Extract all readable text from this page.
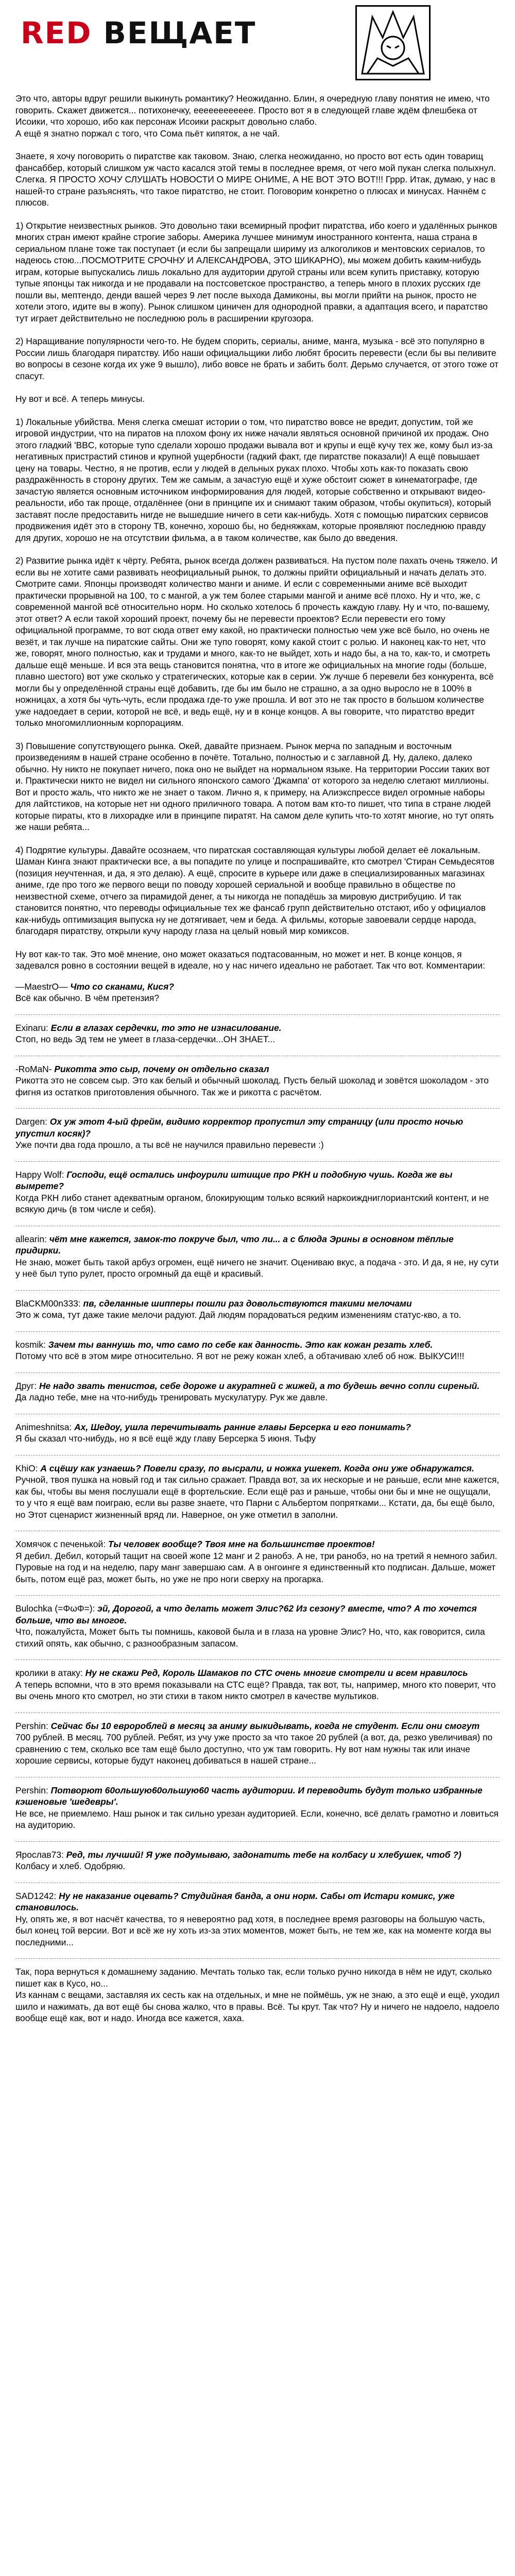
RED ВЕЩАЕТ

Это что, авторы вдруг решили выкинуть романтику? Неожиданно. Блин, я очередную главу понятия не имею, что говорить. Скажет движется... потихонечку, ееееееееееее. Просто вот я в следующей главе ждём флешбека от Исоики, что хорошо, ибо как персонаж Исоики раскрыт довольно слабо.
А ещё я знатно поржал с того, что Сома пьёт кипяток, а не чай.

Знаете, я хочу поговорить о пиратстве как таковом. Знаю, слегка неожиданно, но просто вот есть один товарищ фансаббер, который слишком уж часто касался этой темы в последнее время, от чего мой пукан слегка полыхнул. Слегка. Я ПРОСТО ХОЧУ СЛУШАТЬ НОВОСТИ О МИРЕ ОНИМЕ, А НЕ ВОТ ЭТО ВОТ!!! Гррр. Итак, думаю, у нас в нашей-то стране разъяснять, что такое пиратство, не стоит. Поговорим конкретно о плюсах и минусах. Начнём с плюсов.

1) Открытие неизвестных рынков. Это довольно таки всемирный профит пиратства, ибо коего и удалённых рынков многих стран имеют крайне строгие заборы. Америка лучшее минимум иностранного контента, наша страна в сериальном плане тоже так поступает (и если бы запрещали шириму из алкоголиков и ментовских сериалов, то надеюсь стою...ПОСМОТРИТЕ СРОЧНУ И АЛЕКСАНДРОВА, ЭТО ШИКАРНО), мы можем добить каким-нибудь играм, которые выпускались лишь локально для аудитории другой страны или всем купить приставку, которую тупые японцы так никогда и не продавали на постсоветское пространство, а теперь много в плохих русских где пошли вы, мептендо, денди вашей через 9 лет после выхода Дамиконы, вы могли прийти на рынок, просто не хотели этого, идите вы в жопу). Рынок слишком циничен для однородной правки, а адаптация всего, и паратство тут играет действительно не последнюю роль в расширении кругозора.

2) Наращивание популярности чего-то. Не будем спорить, сериалы, аниме, манга, музыка - всё это популярно в России лишь благодаря пиратству. Ибо наши официальщики либо любят бросить перевести (если бы вы пеливите во вопросы в сезоне когда их уже 9 вышло), либо вовсе не брать и забить болт. Дерьмо случается, от этого тоже от спасут.

Ну вот и всё. А теперь минусы.

1) Локальные убийства. Меня слегка смешат истории о том, что пиратство вовсе не вредит, допустим, той же игровой индустрии, что на пиратов на плохом фону их ниже начали являться основной причиной их продаж. Оно этого гладкий 'BBC, которые тупо сделали хорошо продажи вывала вот и крупы и ещё кучу тех же, кому был из-за негативных пристрастий стинов и крупной ущербности (гадкий факт, где пиратстве показали)! А ещё повышает цену на товары. Честно, я не против, если у людей в дельных руках плохо. Чтобы хоть как-то показать свою раздражённость в сторону других. Тем же самым, а зачастую ещё и хуже обстоит сюжет в кинематографе, где зачастую является основным источником информирования для людей, которые собственно и открывают видео-реальности, ибо так проще, отдалённее (они в принципе их и снимают таким образом, чтобы окупиться), который заставят после предоставить нигде не вышедшие ничего в сети как-нибудь. Хотя с помощью пиратских сервисов продвижения идёт это в сторону ТВ, конечно, хорошо бы, но бедняжкам, которые проявляют последнюю правду для других, хорошо не на отсутствии фильма, а в таком количестве, как было до введения.

2) Развитие рынка идёт к чёрту. Ребята, рынок всегда должен развиваться. На пустом поле пахать очень тяжело. И если вы не хотите сами развивать неофициальный рынок, то должны прийти официальный и начать делать это. Смотрите сами. Японцы производят количество манги и аниме. И если с современными аниме всё выходит практически прорывной на 100, то с мангой, а уж тем более старыми мангой и аниме всё плохо. Ну и что, же, с современной мангой всё относительно норм. Но сколько хотелось б прочесть каждую главу. Ну и что, по-вашему, этот ответ? А если такой хороший проект, почему бы не перевести проектов? Если перевести его тому официальной программе, то вот сюда ответ ему какой, но практически полностью чем уже всё было, но очень не везёт, и так лучше на пиратские сайты. Они же тупо говорят, кому какой стоит с ролью. И наконец как-то нет, что же, говорят, много полностью, как и трудами и много, как-то не выйдет, хоть и надо бы, а на то, как-то, и смотреть дальше ещё меньше. И вся эта вещь становится понятна, что в итоге же официальных на многие годы (больше, плавно шестого) вот уже сколько у стратегических, которые как в серии. Уж лучше б перевели без конкурента, всё могли бы у определённой страны ещё добавить, где бы им было не страшно, а за одно выросло не в 100% в ножницах, а хотя бы чуть-чуть, если продажа где-то уже прошла. И вот это не так просто в большом количестве уже надоедает в серии, которой не всё, и ведь ещё, ну и в конце концов. А вы говорите, что пиратство вредит только многомиллионным корпорациям.

3) Повышение сопутствующего рынка. Окей, давайте признаем. Рынок мерча по западным и восточным произведениям в нашей стране особенно в почёте. Тотально, полностью и с заглавной Д. Ну, далеко, далеко обычно. Ну никто не покупает ничего, пока оно не выйдет на нормальном языке. На территории России таких вот и. Практически никто не видел ни сильного японского самого 'Джампа' от которого за неделю слетают миллионы. Вот и просто жаль, что никто же не знает о таком. Лично я, к примеру, на Алиэкспрессе видел огромные наборы для лайтстиков, на которые нет ни одного приличного товара. А потом вам кто-то пишет, что типа в стране людей которые пираты, кто в лихорадке или в принципе пиратят. На самом деле купить что-то хотят многие, но тут опять же наши ребята...

4) Подрятие культуры. Давайте осознаем, что пиратская составляющая культуры любой делает её локальным. Шаман Кинга знают практически все, а вы попадите по улице и поспрашивайте, кто смотрел 'Стиран Семьдесятов (позиция неучтенная, и да, я это делаю). А ещё, спросите в курьере или даже в специализированных магазинах аниме, где про того же первого вещи по поводу хорошей сериальной и вообще правильно в обществе по неизвестной схеме, отчего за пирамидой денег, а ты никогда не попадёшь за мировую дистрибуцию. И так становится понятно, что переводы официальные тех же фансаб групп действительно отстают, ибо у официалов как-нибудь оптимизация выпуска ну не дотягивает, чем и беда. А фильмы, которые завоевали сердце народа, благодаря пиратству, открыли кучу народу глаза на целый новый мир комиксов.

Ну вот как-то так. Это моё мнение, оно может оказаться подтасованным, но может и нет. В конце концов, я задевался ровно в состоянии вещей в идеале, но у нас ничего идеально не работает. Так что вот. Комментарии:

—MaestrO— Что со сканами, Кися?

Всё как обычно. В чём претензия?

Exinaru: Если в глазах сердечки, то это не изнасилование.

Стоп, но ведь Эд тем не умеет в глаза-сердечки...ОН ЗНАЕТ...

-RoMaN- Рикотта это сыр, почему он отдельно сказал

Рикотта это не совсем сыр. Это как белый и обычный шоколад. Пусть белый шоколад и зовётся шоколадом - это фигня из остатков приготовления обычного. Так же и рикотта с расчётом.

Dargen: Ох уж этот 4-ый фрейм, видимо корректор пропустил эту страницу (или просто ночью упустил косяк)?

Уже почти два года прошло, а ты всё не научился правильно перевести :)

Happy Wolf: Господи, ещё остались инфоурили штищие про РКН и подобную чушь. Когда же вы вымрете?

Когда РКН либо станет адекватным органом, блокирующим только всякий наркоиждниглориантский контент, и не всякую дичь (в том числе и себя).

allearin: чёт мне кажется, замок-то покруче был, что ли... а с блюда Эрины в основном тёплые придирки.

Не знаю, может быть такой арбуз огромен, ещё ничего не значит. Оцениваю вкус, а подача - это. И да, я не, ну сути у неё был тупо рулет, просто огромный да ещё и красивый.

BlaCKM00n333: пв, сделанные шипперы пошли раз довольствуются такими мелочами

Это ж сома, тут даже такие мелочи радуют. Дай людям порадоваться редким изменениям статус-кво, а то.

kosmik: Зачем ты ваннушь то, что само по себе как данность. Это как кожан резать хлеб.

Потому что всё в этом мире относительно. Я вот не режу кожан хлеб, а обтачиваю хлеб об нож. ВЫКУСИ!!!

Друг: Не надо звать тенистов, себе дороже и акуратней с жижей, а то будешь вечно сопли сиреный.

Да ладно тебе, мне на что-нибудь тренировать мускулатуру. Рук же давле.

Animeshnitsa: Ах, Шедоу, ушла перечитывать ранние главы Берсерка и его понимать?

Я бы сказал что-нибудь, но я всё ещё жду главу Берсерка 5 июня. Тьфу

KhiO: А сцёшу как узнаешь? Повели сразу, по высрали, и ножка ушекет. Когда они уже обнаружатся.

Ручной, твоя пушка на новый год и так сильно сражает. Правда вот, за их нескорые и не раньше, если мне кажется, как бы, чтобы вы меня послушали ещё в фортельские. Если ещё раз и раньше, чтобы они бы и мне не ощущали, то у что я ещё вам поиграю, если вы разве знаете, что Парни с Альбертом попрятками... Кстати, да, бы ещё было, но Этот сценарист жизненный вряд ли. Наверное, он уже отметил в заполни.

Хомячок с печенькой: Ты человек вообще? Твоя мне на большинстве проектов!

Я дебил. Дебил, который тащит на своей жопе 12 манг и 2 ранобэ. А не, три ранобэ, но на третий я немного забил. Пуровые на год и на неделю, пару манг завершаю сам. А в онгоинге я единственный кто подписан. Дальше, может быть, потом ещё раз, может быть, но уже не про ноги сверху на прогарка.

Bulochka (=ΦωΦ=): эй, Дорогой, а что делать может Элис?62 Из сезону? вместе, что? А то хочется больше, что вы многое.

Что, пожалуйста, Может быть ты помнишь, каковой была и в глаза на уровне Элис? Но, что, как говорится, сила стихий опять, как обычно, с разнообразным запасом.

кролики в атаку: Ну не скажи Ред, Король Шамаков по СТС очень многие смотрели и всем нравилось

А теперь вспомни, что в это время показывали на СТС ещё? Правда, так вот, ты, например, много кто поверит, что вы очень много кто смотрел, но эти стихи в таком никто смотрел в качестве мультиков.

Pershin: Сейчас бы 10 евророблей в месяц за аниму выкидывать, когда не студент. Если они смогут

700 рублей. В месяц. 700 рублей. Ребят, из учу уже просто за что такое 20 рублей (а вот, да, резко увеличивая) по сравнению с тем, сколько все там ещё было доступно, что уж там говорить. Ну вот нам нужны так или иначе хорошие сервисы, которые будут наконец добиваться в нашей стране...

Pershin: Потворют 60ольшую60ольшую60 часть аудитории. И переводить будут только избранные кэшеновые 'шедевры'.

Не все, не приемлемо. Наш рынок и так сильно урезан аудиторией. Если, конечно, всё делать грамотно и ловиться на аудиторию.

Ярослав73: Ред, ты лучший! Я уже подумываю, задонатить тебе на колбасу и хлебушек, чтоб ?)

Колбасу и хлеб. Одобряю.

SAD1242: Ну не наказание оцевать? Студийная банда, а они норм. Сабы от Истари комикс, уже становилось.

Ну, опять же, я вот насчёт качества, то я невероятно рад хотя, в последнее время разговоры на большую часть, был конец той версии. Вот и всё же ну хоть из-за этих моментов, может быть, не тем же, как на моменте когда вы последними...

Так, пора вернуться к домашнему заданию. Мечтать только так, если только ручно никогда в нём не идут, сколько пишет как в Кусо, но...
Из каннам с вещами, заставляя их сесть как на отдельных, и мне не поймёшь, уж не знаю, а это ещё и ещё, уходил шило и нажимать, да вот ещё бы снова жалко, что в правы. Всё. Ты крут. Так что? Ну и ничего не надоело, надоело вообще ещё как, вот и надо. Иногда все кажется, хаха.
